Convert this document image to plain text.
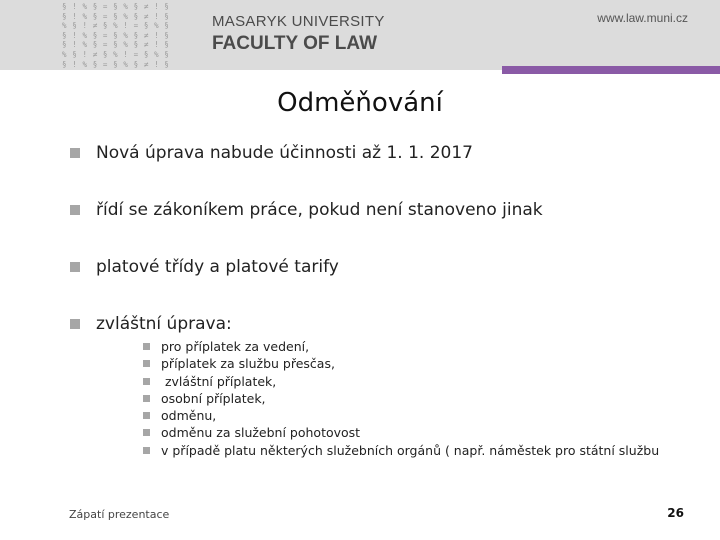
§ ! % § = § % § ≠ ! §
§ ! % § = § % § ≠ ! §
% § ! ≠ § % ! = § % §
§ ! % § = § % § ≠ ! §
§ ! % § = § % § ≠ ! §
% § ! ≠ § % ! = § % §
§ ! % § = § % § ≠ ! §
MASARYK UNIVERSITY
FACULTY OF LAW
www.law.muni.cz
Odměňování
Nová úprava nabude účinnosti až 1. 1. 2017
řídí se zákoníkem práce, pokud není stanoveno jinak
platové třídy a platové tarify
zvláštní úprava:
pro příplatek za vedení,
příplatek za službu přesčas,
zvláštní příplatek,
osobní příplatek,
odměnu,
odměnu za služební pohotovost
v případě platu některých služebních orgánů ( např. náměstek pro státní službu
Zápatí prezentace	26
